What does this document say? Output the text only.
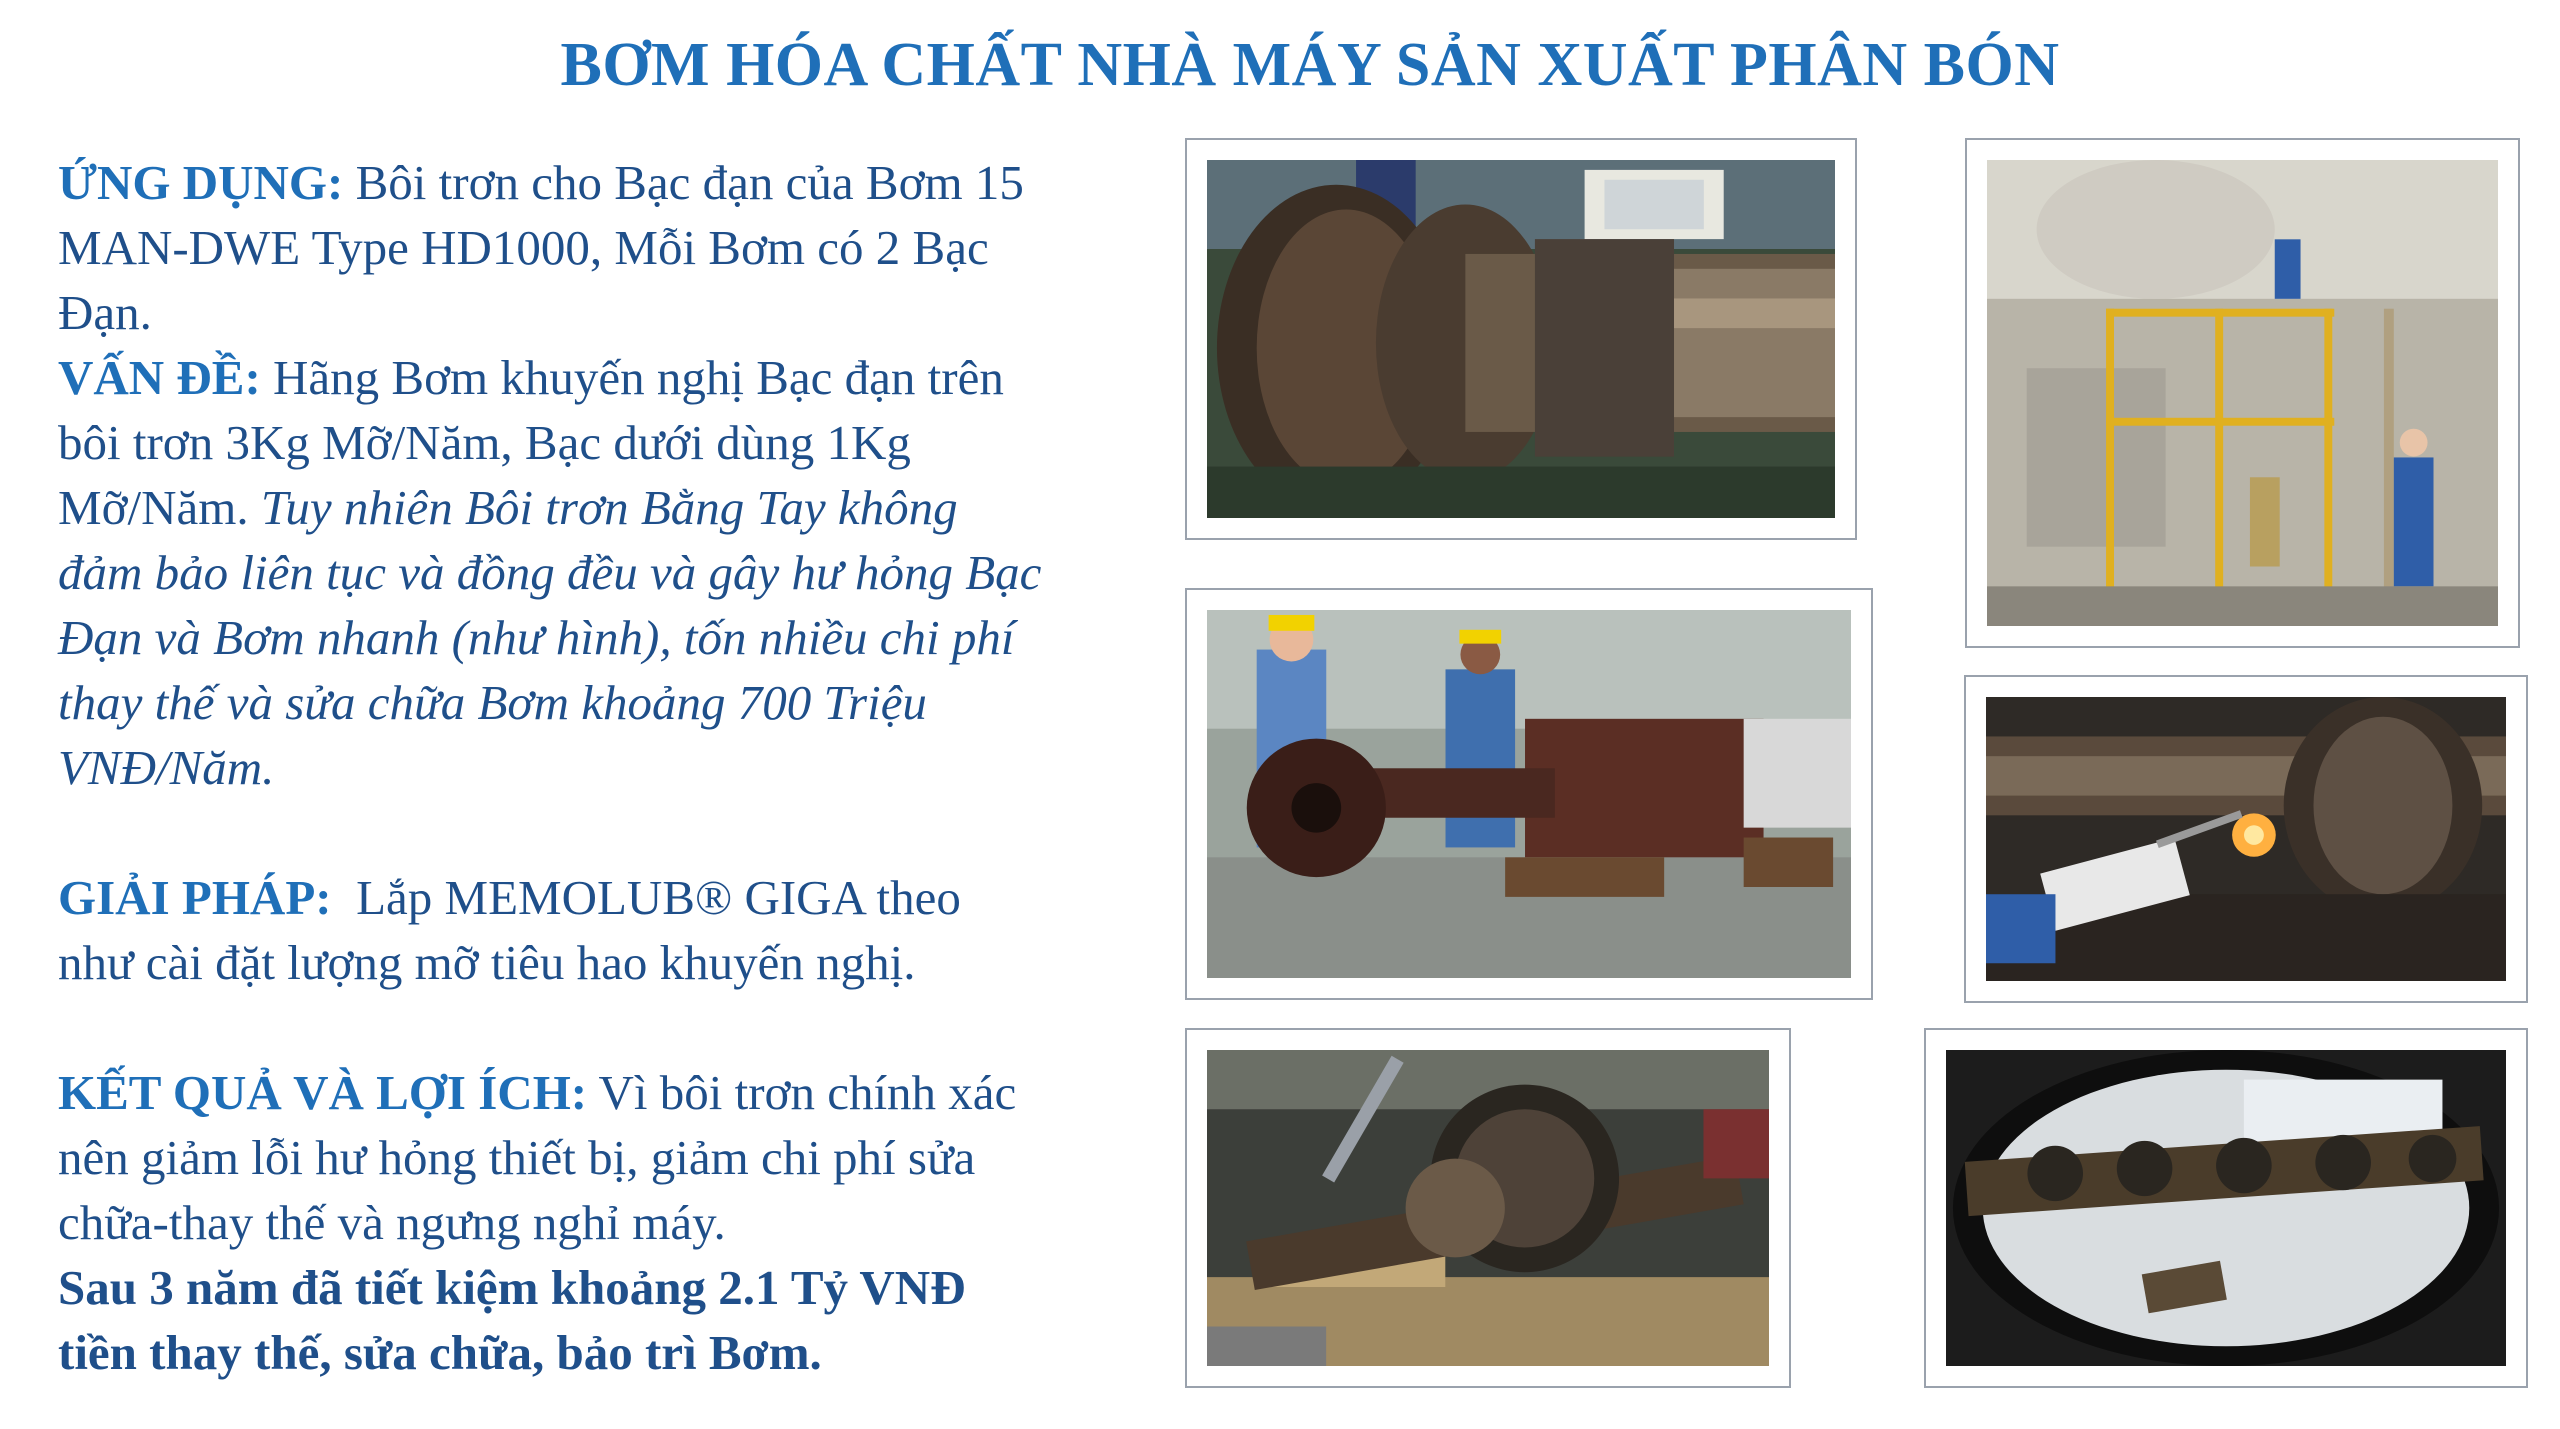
BƠM HÓA CHẤT NHÀ MÁY SẢN XUẤT PHÂN BÓN

ỨNG DỤNG: Bôi trơn cho Bạc đạn của Bơm 15
MAN-DWE Type HD1000, Mỗi Bơm có 2 Bạc
Đạn.

VẤN ĐỀ: Hãng Bơm khuyến nghị Bạc đạn trên
bôi trơn 3Kg Mỡ/Năm, Bạc dưới dùng 1Kg
Mỡ/Năm. Tuy nhiên Bôi trơn Bằng Tay không
đảm bảo liên tục và đồng đều và gây hư hỏng Bạc
Đạn và Bơm nhanh (như hình), tốn nhiều chi phí
thay thế và sửa chữa Bơm khoảng 700 Triệu
VNĐ/Năm.

GIẢI PHÁP:  Lắp MEMOLUB® GIGA theo
như cài đặt lượng mỡ tiêu hao khuyến nghị.

KẾT QUẢ VÀ LỢI ÍCH: Vì bôi trơn chính xác
nên giảm lỗi hư hỏng thiết bị, giảm chi phí sửa
chữa-thay thế và ngưng nghỉ máy.
Sau 3 năm đã tiết kiệm khoảng 2.1 Tỷ VNĐ
tiền thay thế, sửa chữa, bảo trì Bơm.
